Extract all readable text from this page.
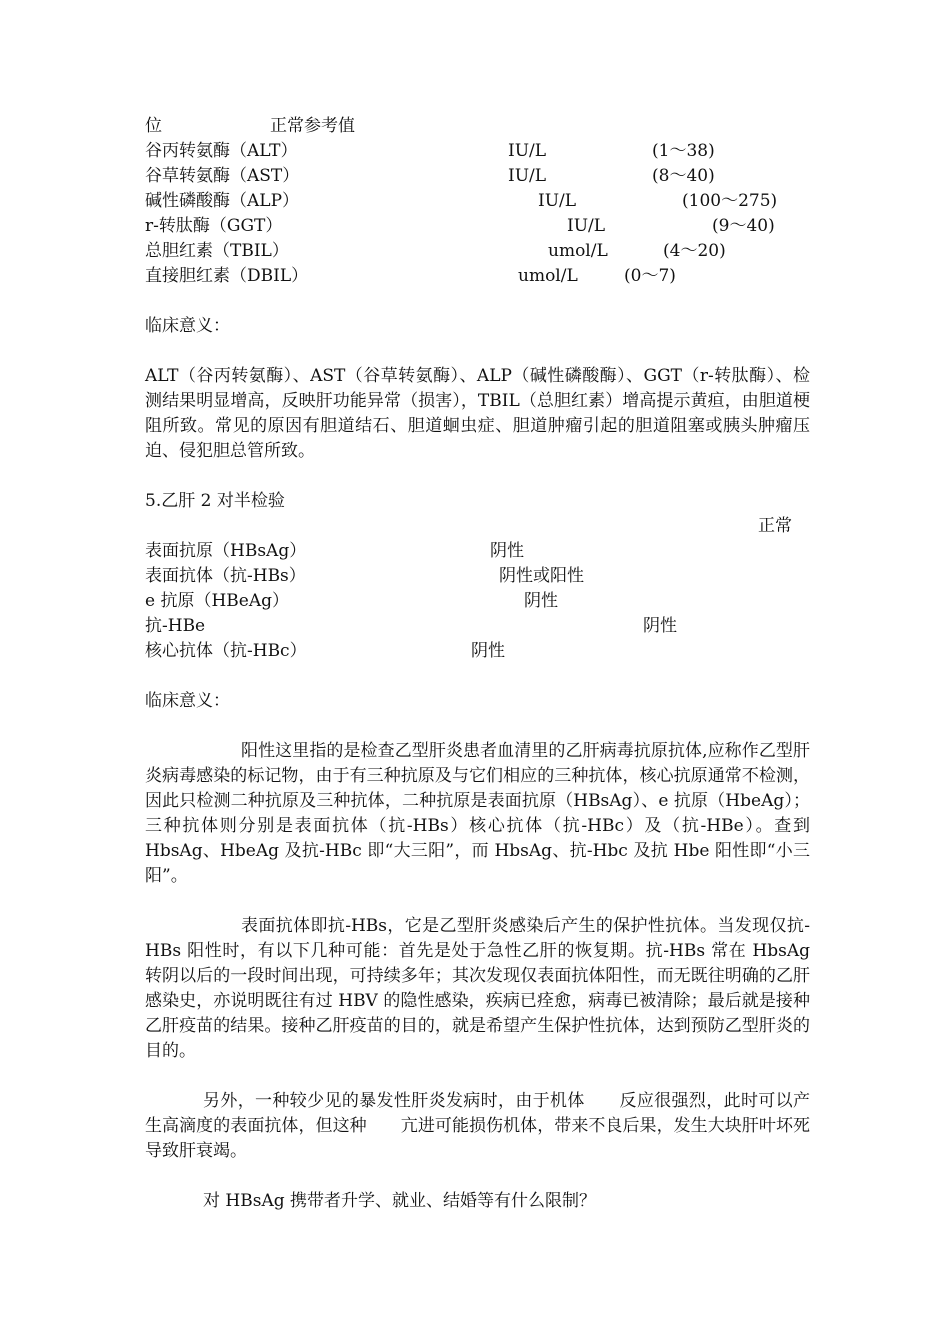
位	正常参考值
谷丙转氨酶（ALT）	IU/L	(1～38)
谷草转氨酶（AST）	IU/L	(8～40)
碱性磷酸酶（ALP）	IU/L	(100～275)
r-转肽酶（GGT）	IU/L	(9～40)
总胆红素（TBIL）	umol/L	(4～20)
直接胆红素（DBIL）	umol/L	(0～7)
临床意义：
ALT（谷丙转氨酶）、AST（谷草转氨酶）、ALP（碱性磷酸酶）、GGT（r-转肽酶）、检测结果明显增高，反映肝功能异常（损害），TBIL（总胆红素）增高提示黄疸，由胆道梗阻所致。常见的原因有胆道结石、胆道蛔虫症、胆道肿瘤引起的胆道阻塞或胰头肿瘤压迫、侵犯胆总管所致。
5.乙肝 2 对半检验
正常
表面抗原（HBsAg）	阴性
表面抗体（抗-HBs）	阴性或阳性
e 抗原（HBeAg）	阴性
抗-HBe	阴性
核心抗体（抗-HBc）	阴性
临床意义：
阳性这里指的是检查乙型肝炎患者血清里的乙肝病毒抗原抗体,应称作乙型肝炎病毒感染的标记物，由于有三种抗原及与它们相应的三种抗体，核心抗原通常不检测，因此只检测二种抗原及三种抗体，二种抗原是表面抗原（HBsAg）、e 抗原（HbeAg）；三种抗体则分别是表面抗体（抗-HBs）核心抗体（抗-HBc）及（抗-HBe）。查到 HbsAg、HbeAg 及抗-HBc 即“大三阳”，而 HbsAg、抗-Hbc 及抗 Hbe 阳性即“小三阳”。
表面抗体即抗-HBs，它是乙型肝炎感染后产生的保护性抗体。当发现仅抗-HBs 阳性时，有以下几种可能：首先是处于急性乙肝的恢复期。抗-HBs 常在 HbsAg 转阴以后的一段时间出现，可持续多年；其次发现仅表面抗体阳性，而无既往明确的乙肝感染史，亦说明既往有过 HBV 的隐性感染，疾病已痊愈，病毒已被清除；最后就是接种乙肝疫苗的结果。接种乙肝疫苗的目的，就是希望产生保护性抗体，达到预防乙型肝炎的目的。
另外，一种较少见的暴发性肝炎发病时，由于机体　　反应很强烈，此时可以产生高滴度的表面抗体，但这种　　亢进可能损伤机体，带来不良后果，发生大块肝叶坏死导致肝衰竭。
对 HBsAg 携带者升学、就业、结婚等有什么限制？
